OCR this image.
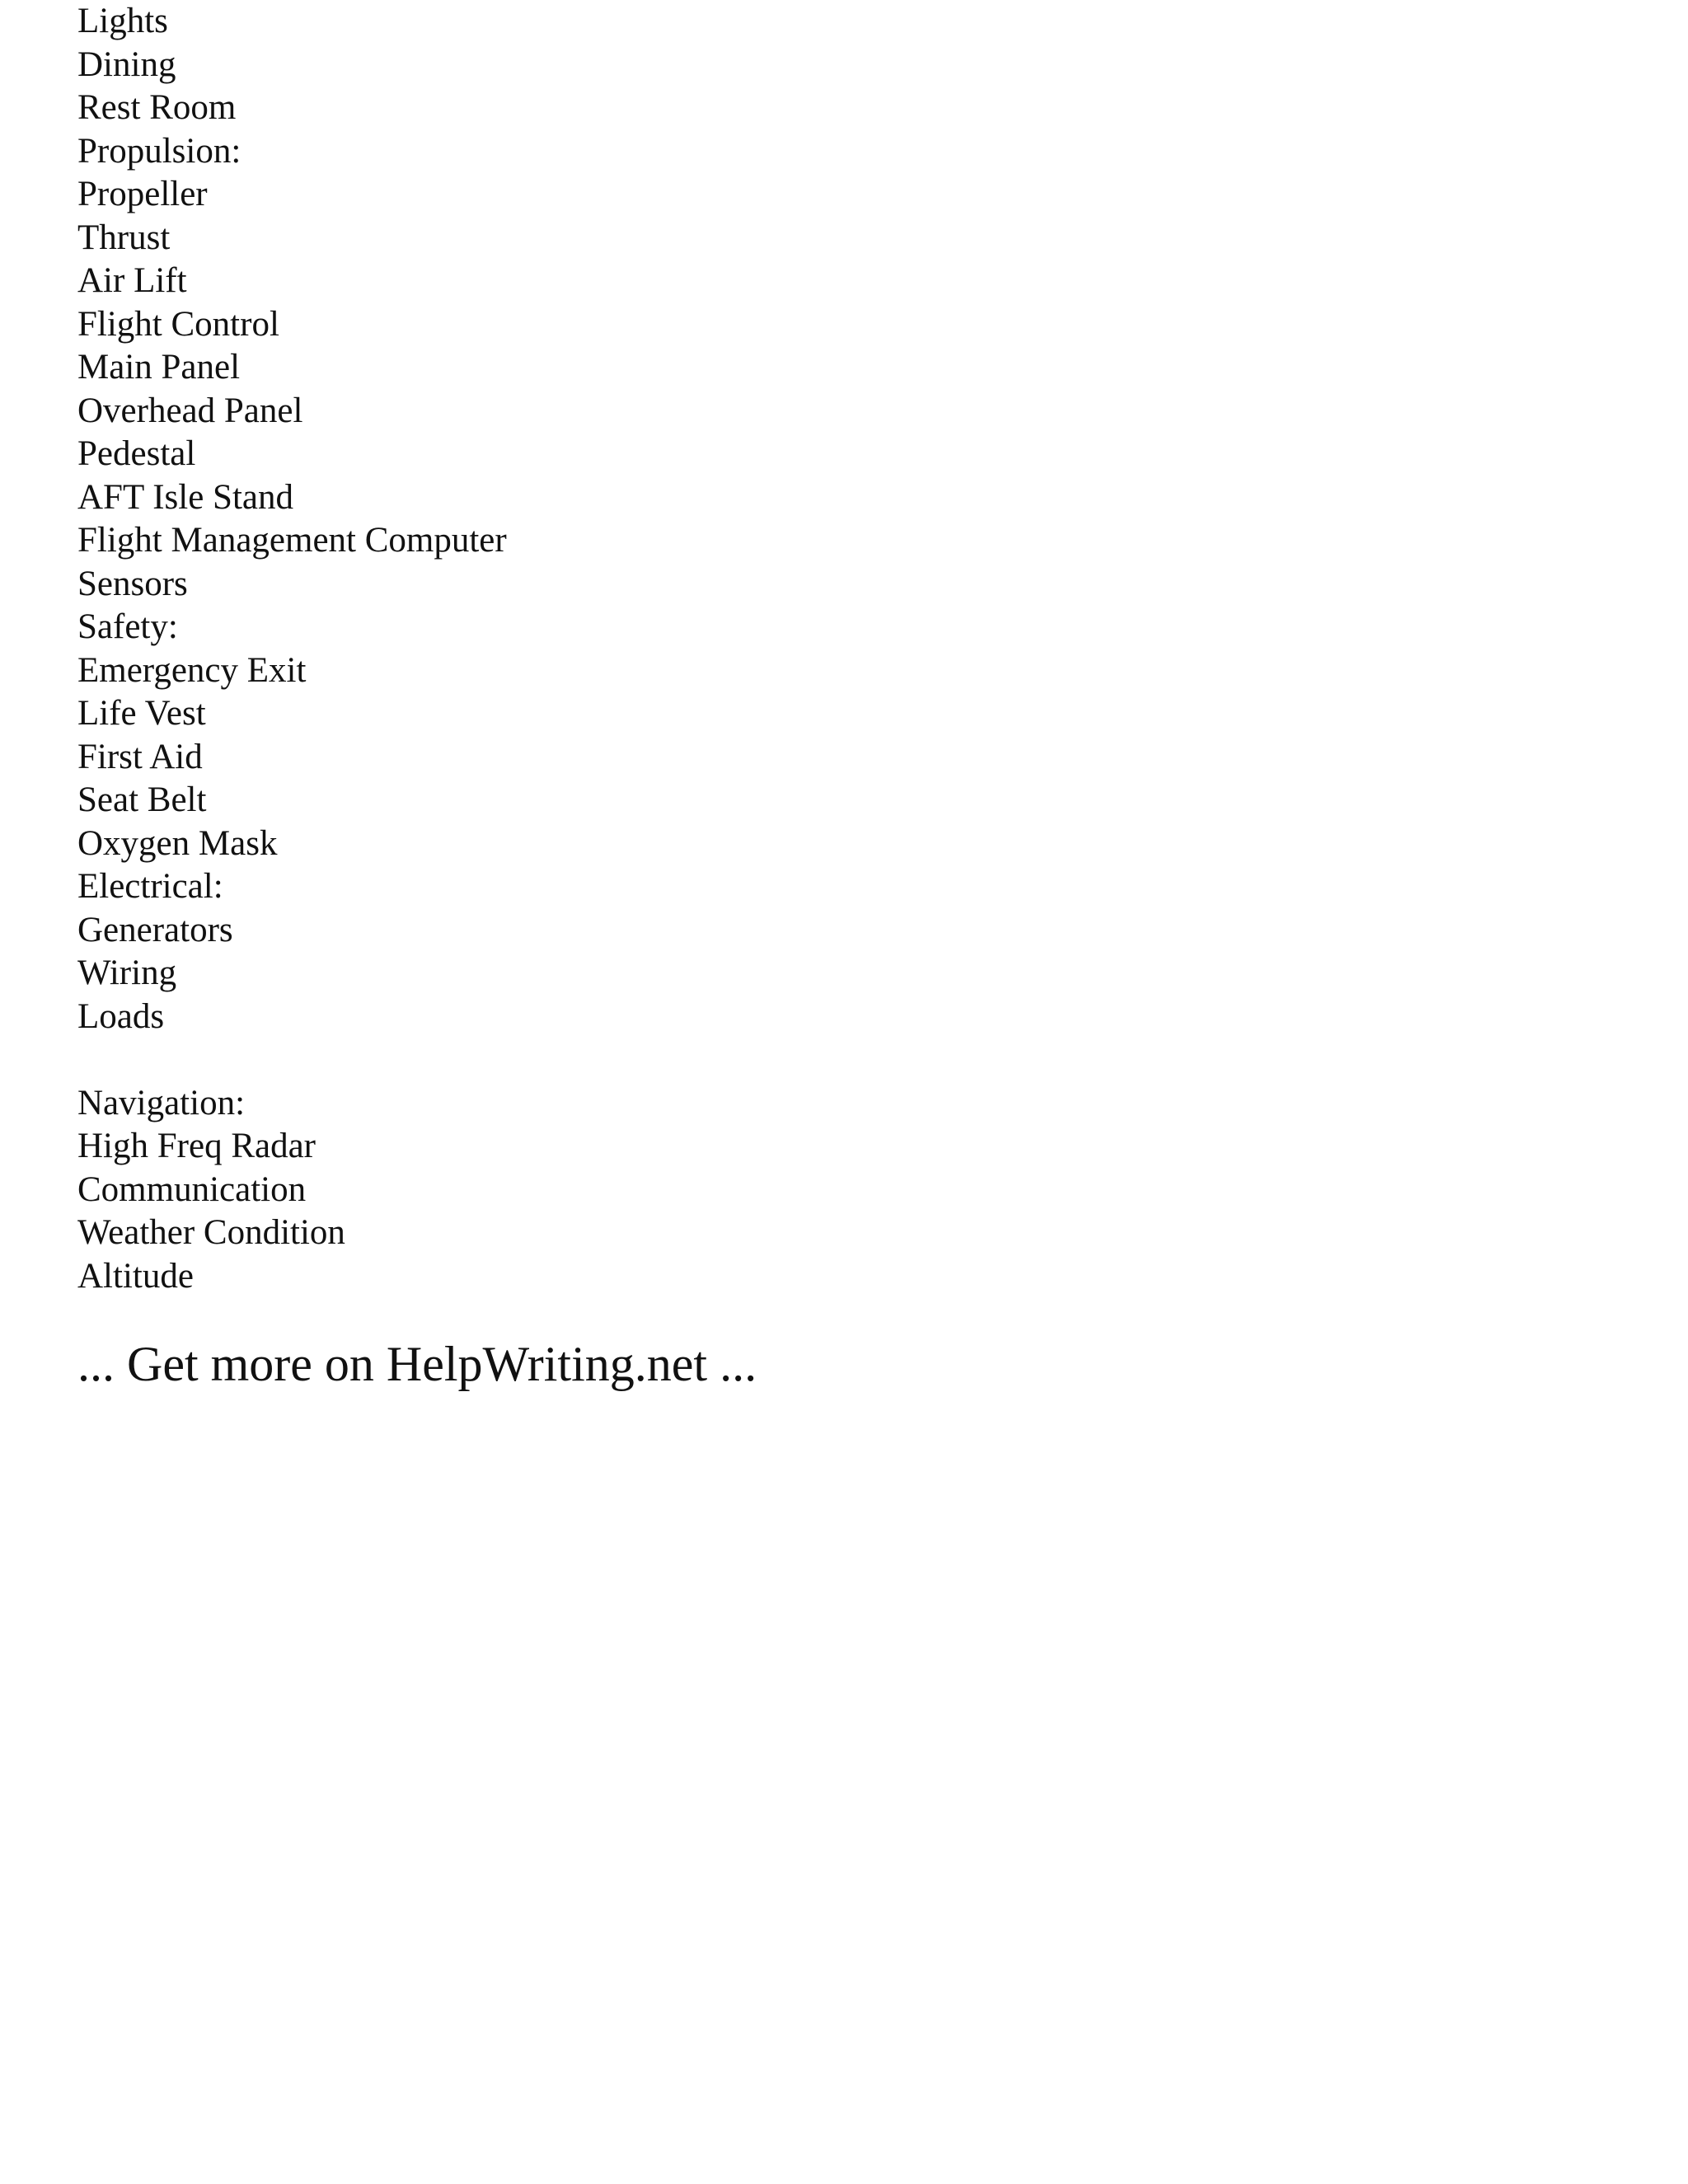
Lights
Dining
Rest Room
Propulsion:
Propeller
Thrust
Air Lift
Flight Control
Main Panel
Overhead Panel
Pedestal
AFT Isle Stand
Flight Management Computer
Sensors
Safety:
Emergency Exit
Life Vest
First Aid
Seat Belt
Oxygen Mask
Electrical:
Generators
Wiring
Loads
Navigation:
High Freq Radar
Communication
Weather Condition
Altitude

... Get more on HelpWriting.net ...
